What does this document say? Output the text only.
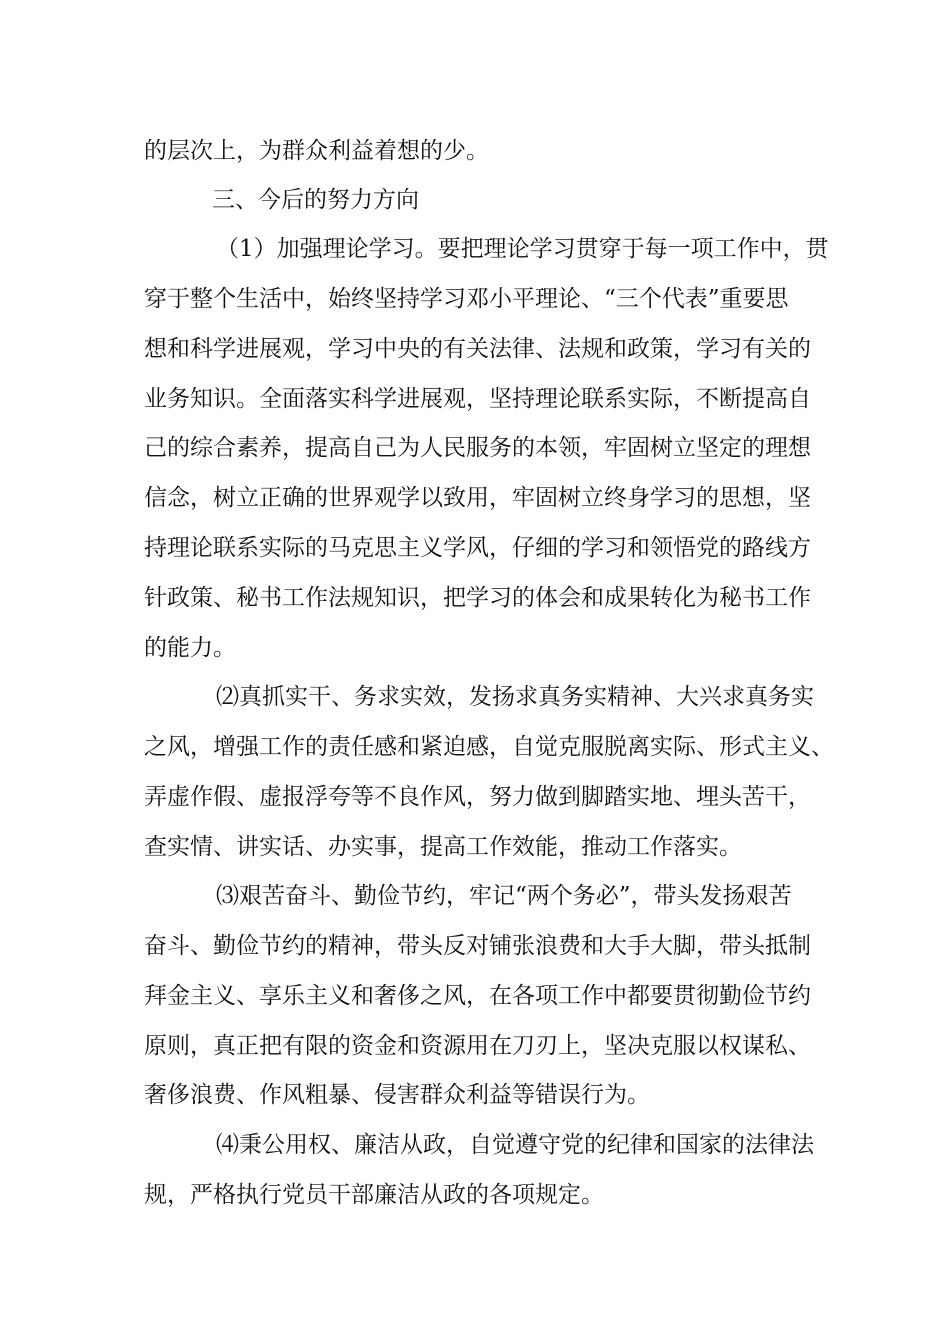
的层次上，为群众利益着想的少。

三、今后的努力方向

（1）加强理论学习。要把理论学习贯穿于每一项工作中，贯

穿于整个生活中，始终坚持学习邓小平理论、“三个代表”重要思

想和科学进展观，学习中央的有关法律、法规和政策，学习有关的

业务知识。全面落实科学进展观，坚持理论联系实际，不断提高自

己的综合素养，提高自己为人民服务的本领，牢固树立坚定的理想

信念，树立正确的世界观学以致用，牢固树立终身学习的思想，坚

持理论联系实际的马克思主义学风，仔细的学习和领悟党的路线方

针政策、秘书工作法规知识，把学习的体会和成果转化为秘书工作

的能力。

⑵真抓实干、务求实效，发扬求真务实精神、大兴求真务实

之风，增强工作的责任感和紧迫感，自觉克服脱离实际、形式主义、

弄虚作假、虚报浮夸等不良作风，努力做到脚踏实地、埋头苦干，

查实情、讲实话、办实事，提高工作效能，推动工作落实。

⑶艰苦奋斗、勤俭节约，牢记“两个务必”，带头发扬艰苦

奋斗、勤俭节约的精神，带头反对铺张浪费和大手大脚，带头抵制

拜金主义、享乐主义和奢侈之风，在各项工作中都要贯彻勤俭节约

原则，真正把有限的资金和资源用在刀刃上，坚决克服以权谋私、

奢侈浪费、作风粗暴、侵害群众利益等错误行为。

⑷秉公用权、廉洁从政，自觉遵守党的纪律和国家的法律法

规，严格执行党员干部廉洁从政的各项规定。
